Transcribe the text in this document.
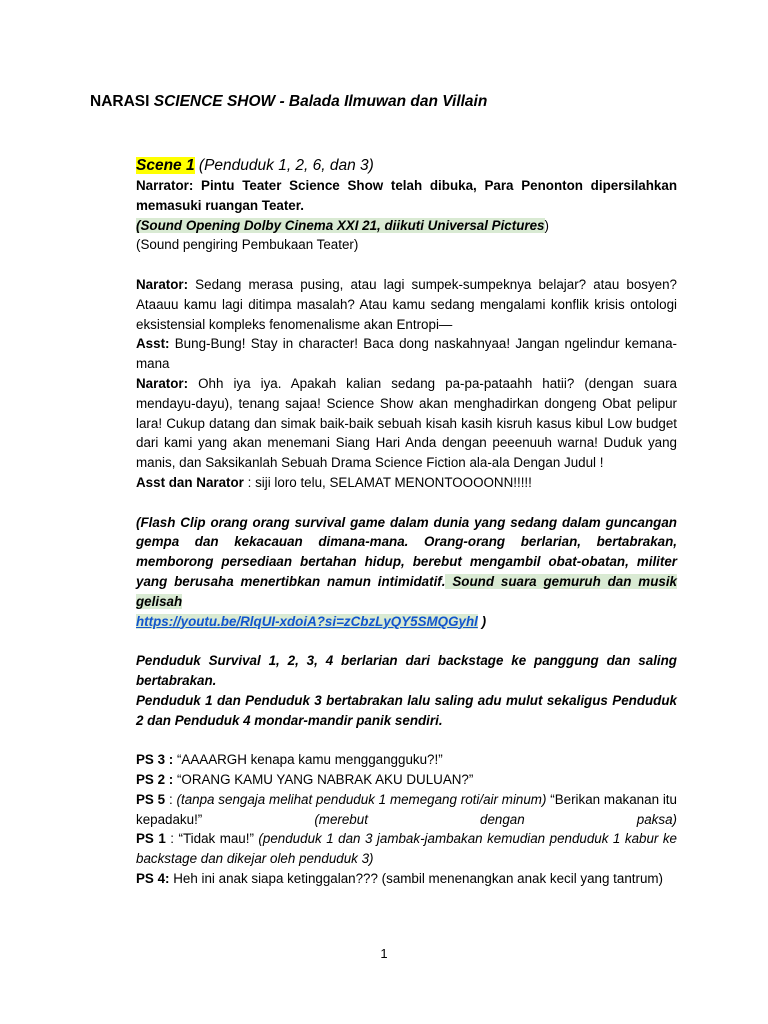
NARASI SCIENCE SHOW - Balada Ilmuwan dan Villain

Scene 1 (Penduduk 1, 2, 6, dan 3)

Narrator: Pintu Teater Science Show telah dibuka, Para Penonton dipersilahkan memasuki ruangan Teater.

(Sound Opening Dolby Cinema XXI 21, diikuti Universal Pictures)

(Sound pengiring Pembukaan Teater)

Narator: Sedang merasa pusing, atau lagi sumpek-sumpeknya belajar? atau bosyen? Ataauu kamu lagi ditimpa masalah? Atau kamu sedang mengalami konflik krisis ontologi eksistensial kompleks fenomenalisme akan Entropi—

Asst: Bung-Bung! Stay in character! Baca dong naskahnyaa! Jangan ngelindur kemana-mana

Narator: Ohh iya iya. Apakah kalian sedang pa-pa-pataahh hatii? (dengan suara mendayu-dayu), tenang sajaa! Science Show akan menghadirkan dongeng Obat pelipur lara! Cukup datang dan simak baik-baik sebuah kisah kasih kisruh kasus kibul Low budget dari kami yang akan menemani Siang Hari Anda dengan peeenuuh warna! Duduk yang manis, dan Saksikanlah Sebuah Drama Science Fiction ala-ala Dengan Judul !

Asst dan Narator : siji loro telu, SELAMAT MENONTOOOONN!!!!!

(Flash Clip orang orang survival game dalam dunia yang sedang dalam guncangan gempa dan kekacauan dimana-mana. Orang-orang berlarian, bertabrakan, memborong persediaan bertahan hidup, berebut mengambil obat-obatan, militer yang berusaha menertibkan namun intimidatif. Sound suara gemuruh dan musik gelisah
https://youtu.be/RlqUI-xdoiA?si=zCbzLyQY5SMQGyhl )

Penduduk Survival 1, 2, 3, 4 berlarian dari backstage ke panggung dan saling bertabrakan.

Penduduk 1 dan Penduduk 3 bertabrakan lalu saling adu mulut sekaligus Penduduk 2 dan Penduduk 4 mondar-mandir panik sendiri.

PS 3 : “AAAARGH kenapa kamu menggangguku?!”

PS 2 : “ORANG KAMU YANG NABRAK AKU DULUAN?”

PS 5 : (tanpa sengaja melihat penduduk 1 memegang roti/air minum) “Berikan makanan itu kepadaku!” (merebut dengan paksa)

PS 1 : “Tidak mau!” (penduduk 1 dan 3 jambak-jambakan kemudian penduduk 1 kabur ke backstage dan dikejar oleh penduduk 3)

PS 4: Heh ini anak siapa ketinggalan??? (sambil menenangkan anak kecil yang tantrum)

1
